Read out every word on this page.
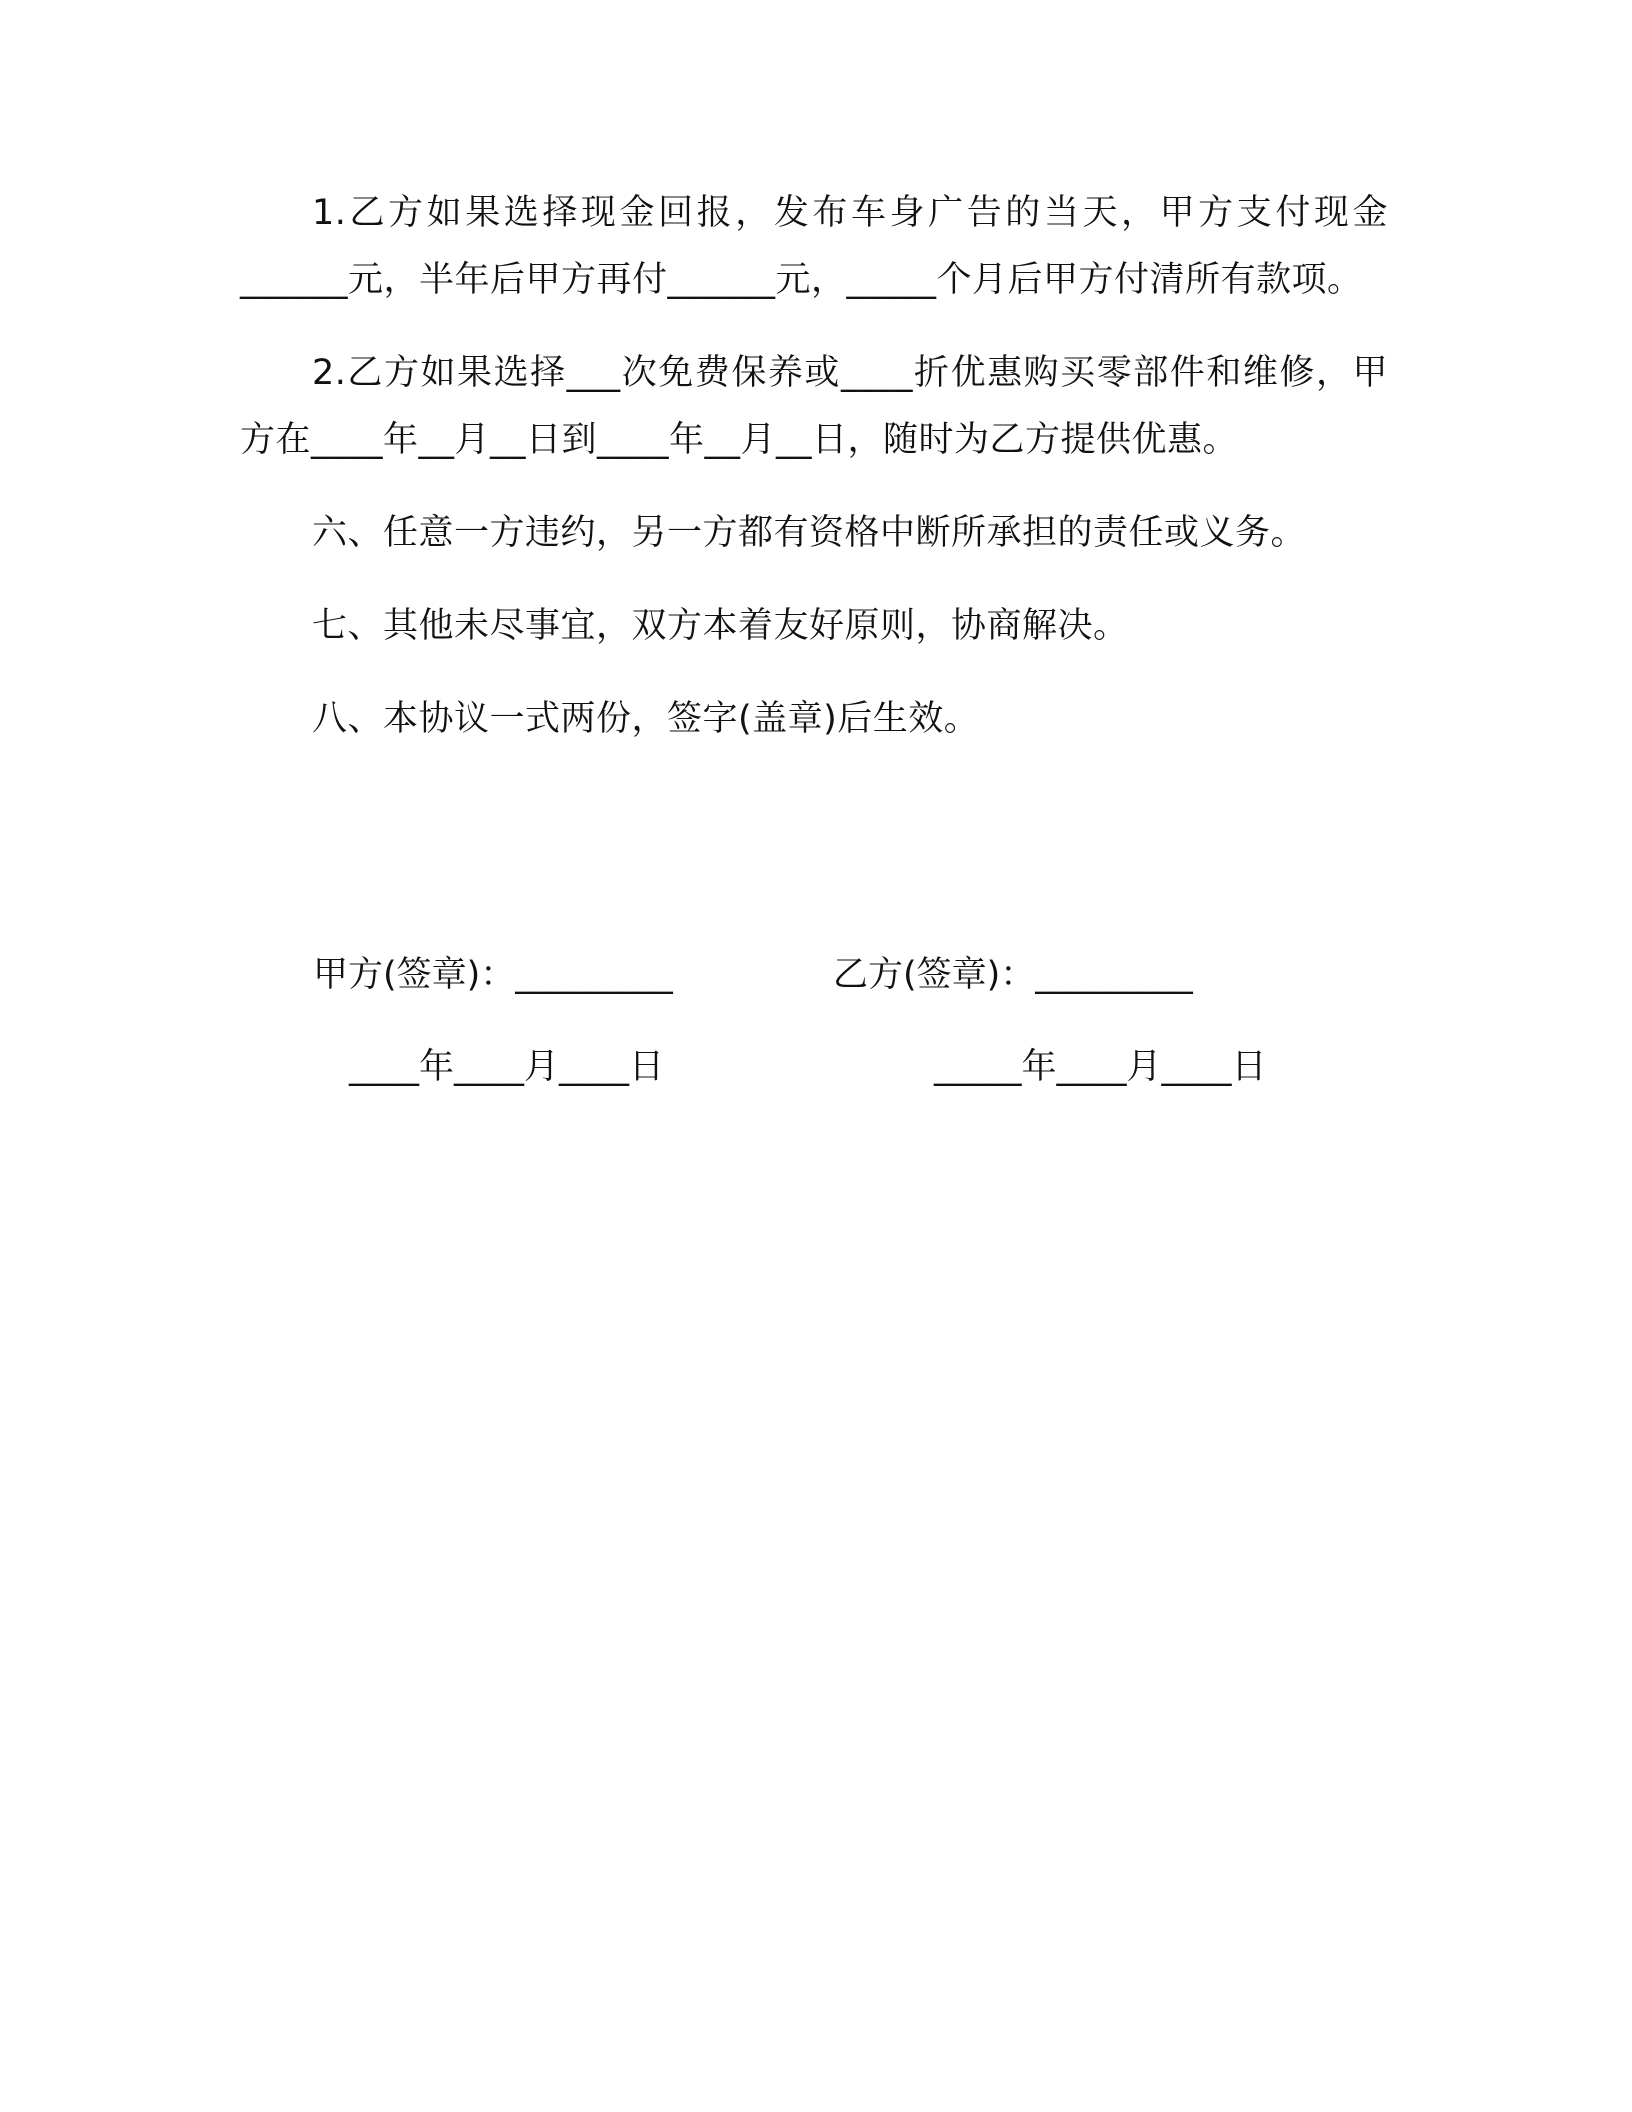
1.乙方如果选择现金回报，发布车身广告的当天，甲方支付现金______元，半年后甲方再付______元，_____个月后甲方付清所有款项。

2.乙方如果选择___次免费保养或____折优惠购买零部件和维修，甲方在____年__月__日到____年__月__日，随时为乙方提供优惠。

六、任意一方违约，另一方都有资格中断所承担的责任或义务。

七、其他未尽事宜，双方本着友好原则，协商解决。

八、本协议一式两份，签字(盖章)后生效。

甲方(签章)：_________	乙方(签章)：_________
____年____月____日	_____年____月____日
